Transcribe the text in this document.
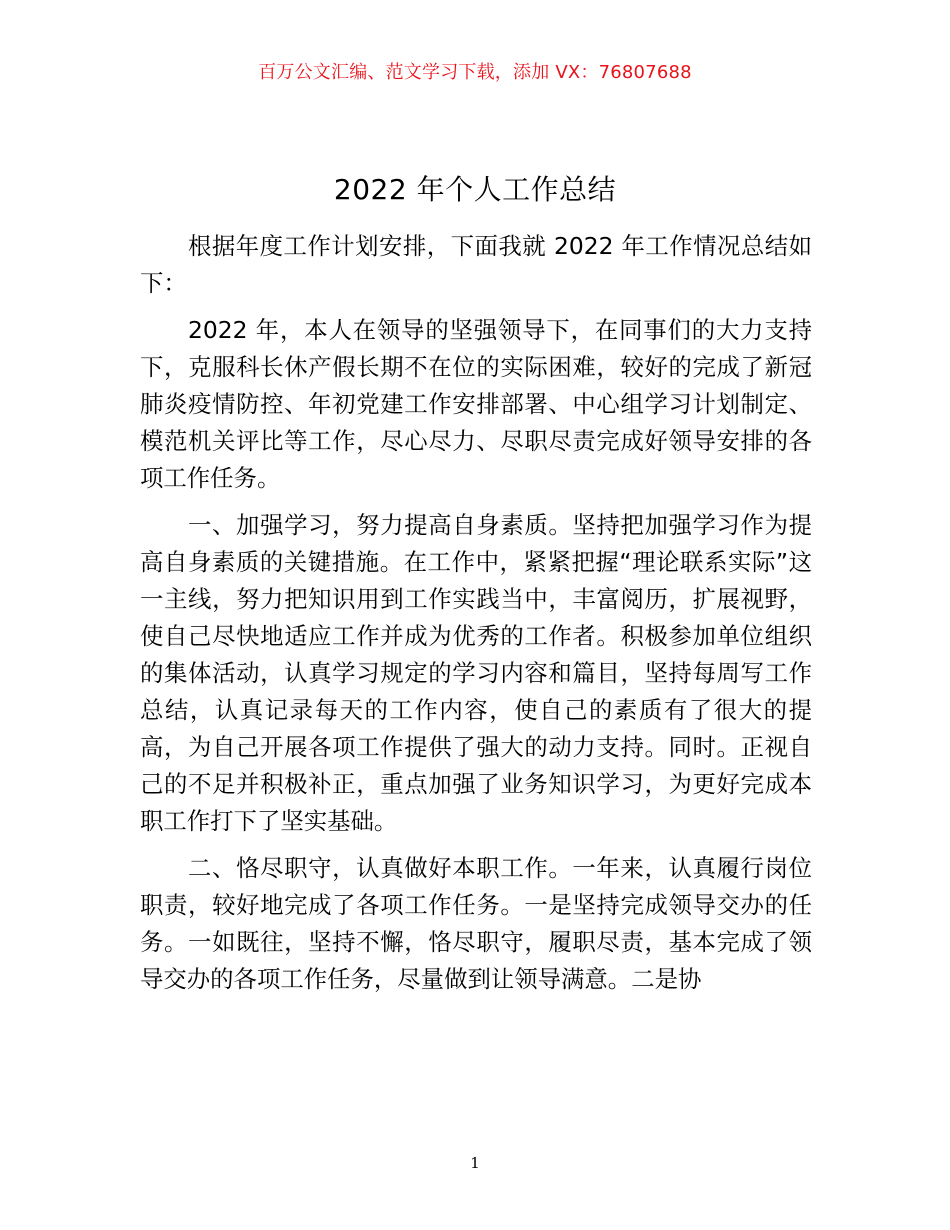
百万公文汇编、范文学习下载，添加 VX：76807688
2022 年个人工作总结

根据年度工作计划安排，下面我就 2022 年工作情况总结如下：

2022 年，本人在领导的坚强领导下，在同事们的大力支持下，克服科长休产假长期不在位的实际困难，较好的完成了新冠肺炎疫情防控、年初党建工作安排部署、中心组学习计划制定、模范机关评比等工作，尽心尽力、尽职尽责完成好领导安排的各项工作任务。

一、加强学习，努力提高自身素质。坚持把加强学习作为提高自身素质的关键措施。在工作中，紧紧把握“理论联系实际”这一主线，努力把知识用到工作实践当中，丰富阅历，扩展视野，使自己尽快地适应工作并成为优秀的工作者。积极参加单位组织的集体活动，认真学习规定的学习内容和篇目，坚持每周写工作总结，认真记录每天的工作内容，使自己的素质有了很大的提高，为自己开展各项工作提供了强大的动力支持。同时。正视自己的不足并积极补正，重点加强了业务知识学习，为更好完成本职工作打下了坚实基础。

二、恪尽职守，认真做好本职工作。一年来，认真履行岗位职责，较好地完成了各项工作任务。一是坚持完成领导交办的任务。一如既往，坚持不懈，恪尽职守，履职尽责，基本完成了领导交办的各项工作任务，尽量做到让领导满意。二是协

1
